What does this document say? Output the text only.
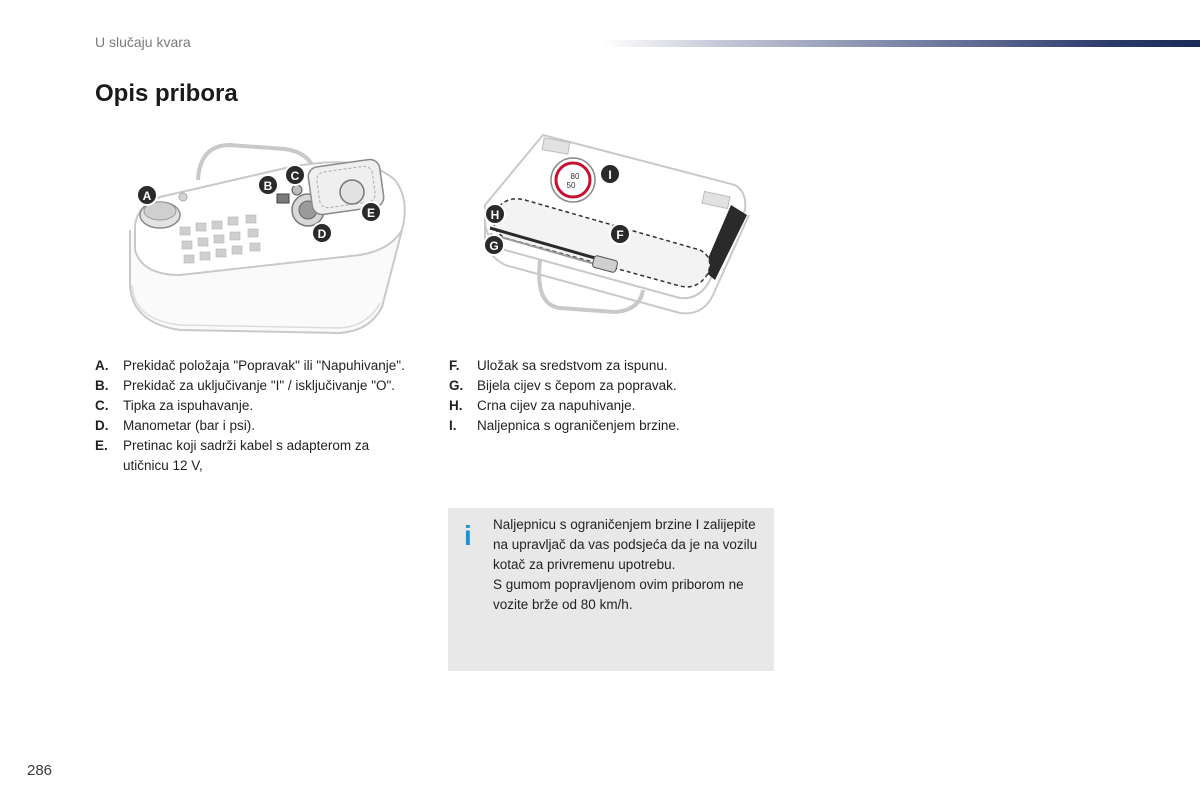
U slučaju kvara
Opis pribora
A
B
C
D
E
80
50
I
H
F
G
A.	Prekidač položaja "Popravak" ili "Napuhivanje".
B.	Prekidač za uključivanje "I" / isključivanje "O".
C.	Tipka za ispuhavanje.
D.	Manometar (bar i psi).
E.	Pretinac koji sadrži kabel s adapterom za utičnicu 12 V,
F.	Uložak sa sredstvom za ispunu.
G.	Bijela cijev s čepom za popravak.
H.	Crna cijev za napuhivanje.
I.	Naljepnica s ograničenjem brzine.
i Naljepnicu s ograničenjem brzine I zalijepite na upravljač da vas podsjeća da je na vozilu kotač za privremenu upotrebu.
S gumom popravljenom ovim priborom ne vozite brže od 80 km/h.
286
